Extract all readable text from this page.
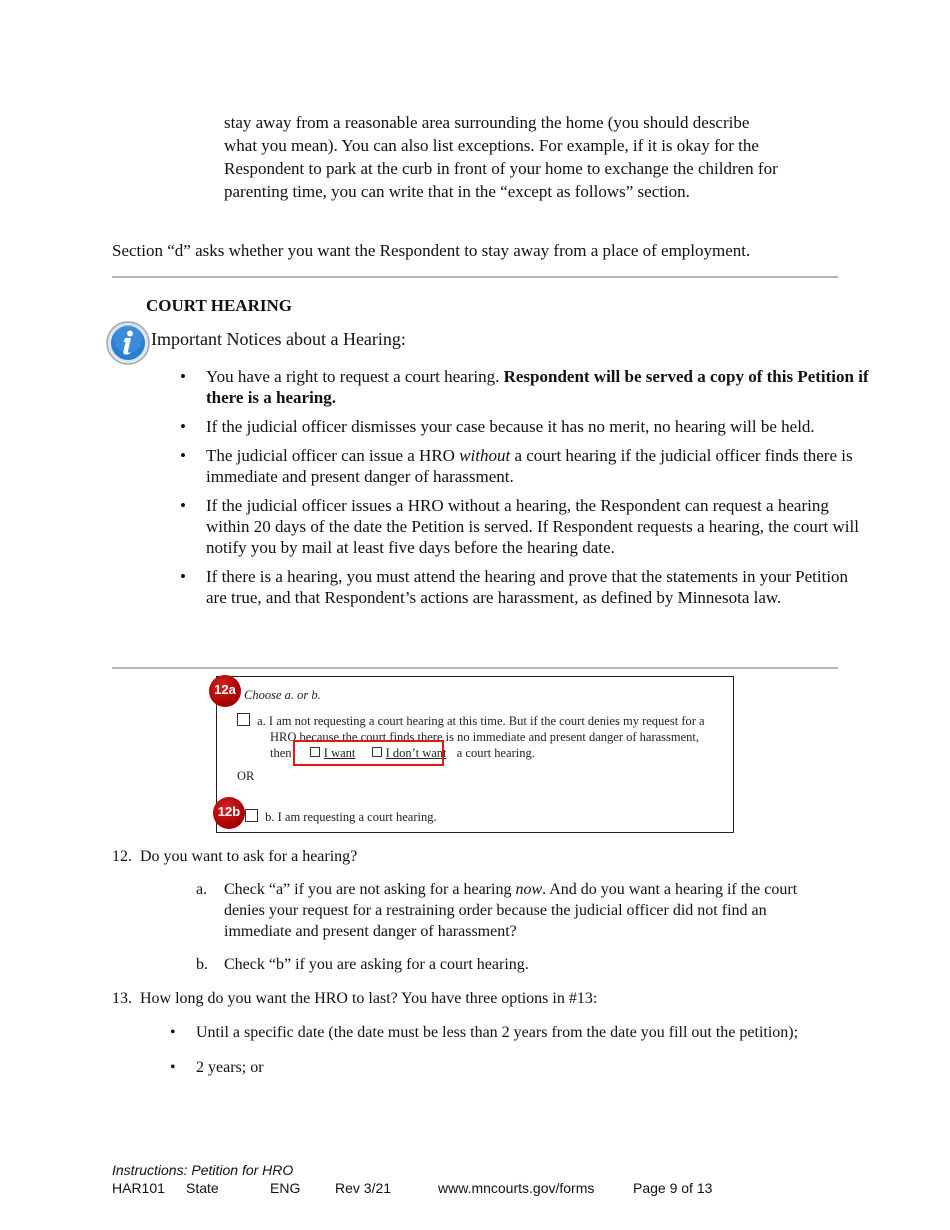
stay away from a reasonable area surrounding the home (you should describe
what you mean). You can also list exceptions. For example, if it is okay for the
Respondent to park at the curb in front of your home to exchange the children for
parenting time, you can write that in the “except as follows” section.
Section “d” asks whether you want the Respondent to stay away from a place of employment.
COURT HEARING
Important Notices about a Hearing:
• You have a right to request a court hearing. Respondent will be served a copy of this Petition if there is a hearing.
• If the judicial officer dismisses your case because it has no merit, no hearing will be held.
• The judicial officer can issue a HRO without a court hearing if the judicial officer finds there is immediate and present danger of harassment.
• If the judicial officer issues a HRO without a hearing, the Respondent can request a hearing within 20 days of the date the Petition is served. If Respondent requests a hearing, the court will notify you by mail at least five days before the hearing date.
• If there is a hearing, you must attend the hearing and prove that the statements in your Petition are true, and that Respondent’s actions are harassment, as defined by Minnesota law.
Choose a. or b.
a. I am not requesting a court hearing at this time. But if the court denies my request for a
HRO because the court finds there is no immediate and present danger of harassment,
then	I want I don’t want a court hearing.
OR
b. I am requesting a court hearing.
12a
12b
12. Do you want to ask for a hearing?
a. Check “a” if you are not asking for a hearing now. And do you want a hearing if the court denies your request for a restraining order because the judicial officer did not find an immediate and present danger of harassment?
b. Check “b” if you are asking for a court hearing.
13. How long do you want the HRO to last? You have three options in #13:
• Until a specific date (the date must be less than 2 years from the date you fill out the petition);
• 2 years; or
Instructions: Petition for HRO
HAR101 State	ENG Rev 3/21	www.mncourts.gov/forms	Page 9 of 13
